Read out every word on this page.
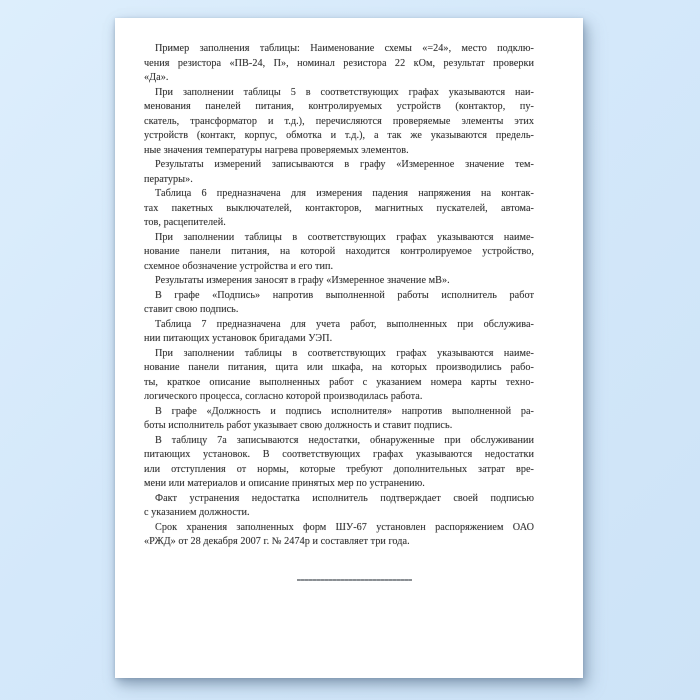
Пример заполнения таблицы: Наименование схемы «=24», место подклю-
чения резистора «ПВ-24, П», номинал резистора 22 кОм, результат проверки
«Да».
При заполнении таблицы 5 в соответствующих графах указываются наи-
менования панелей питания, контролируемых устройств (контактор, пу-
скатель, трансформатор и т.д.), перечисляются проверяемые элементы этих
устройств (контакт, корпус, обмотка и т.д.), а так же указываются предель-
ные значения температуры нагрева проверяемых элементов.
Результаты измерений записываются в графу «Измеренное значение тем-
пературы».
Таблица 6 предназначена для измерения падения напряжения на контак-
тах пакетных выключателей, контакторов, магнитных пускателей, автома-
тов, расцепителей.
При заполнении таблицы в соответствующих графах указываются наиме-
нование панели питания, на которой находится контролируемое устройство,
схемное обозначение устройства и его тип.
Результаты измерения заносят в графу «Измеренное значение мВ».
В графе «Подпись» напротив выполненной работы исполнитель работ
ставит свою подпись.
Таблица 7 предназначена для учета работ, выполненных при обслужива-
нии питающих установок бригадами УЭП.
При заполнении таблицы в соответствующих графах указываются наиме-
нование панели питания, щита или шкафа, на которых производились рабо-
ты, краткое описание выполненных работ с указанием номера карты техно-
логического процесса, согласно которой производилась работа.
В графе «Должность и подпись исполнителя» напротив выполненной ра-
боты исполнитель работ указывает свою должность и ставит подпись.
В таблицу 7а записываются недостатки, обнаруженные при обслуживании
питающих установок. В соответствующих графах указываются недостатки
или отступления от нормы, которые требуют дополнительных затрат вре-
мени или материалов и описание принятых мер по устранению.
Факт устранения недостатка исполнитель подтверждает своей подписью
с указанием должности.
Срок хранения заполненных форм ШУ-67 установлен распоряжением ОАО
«РЖД» от 28 декабря 2007 г. № 2474р и составляет три года.
